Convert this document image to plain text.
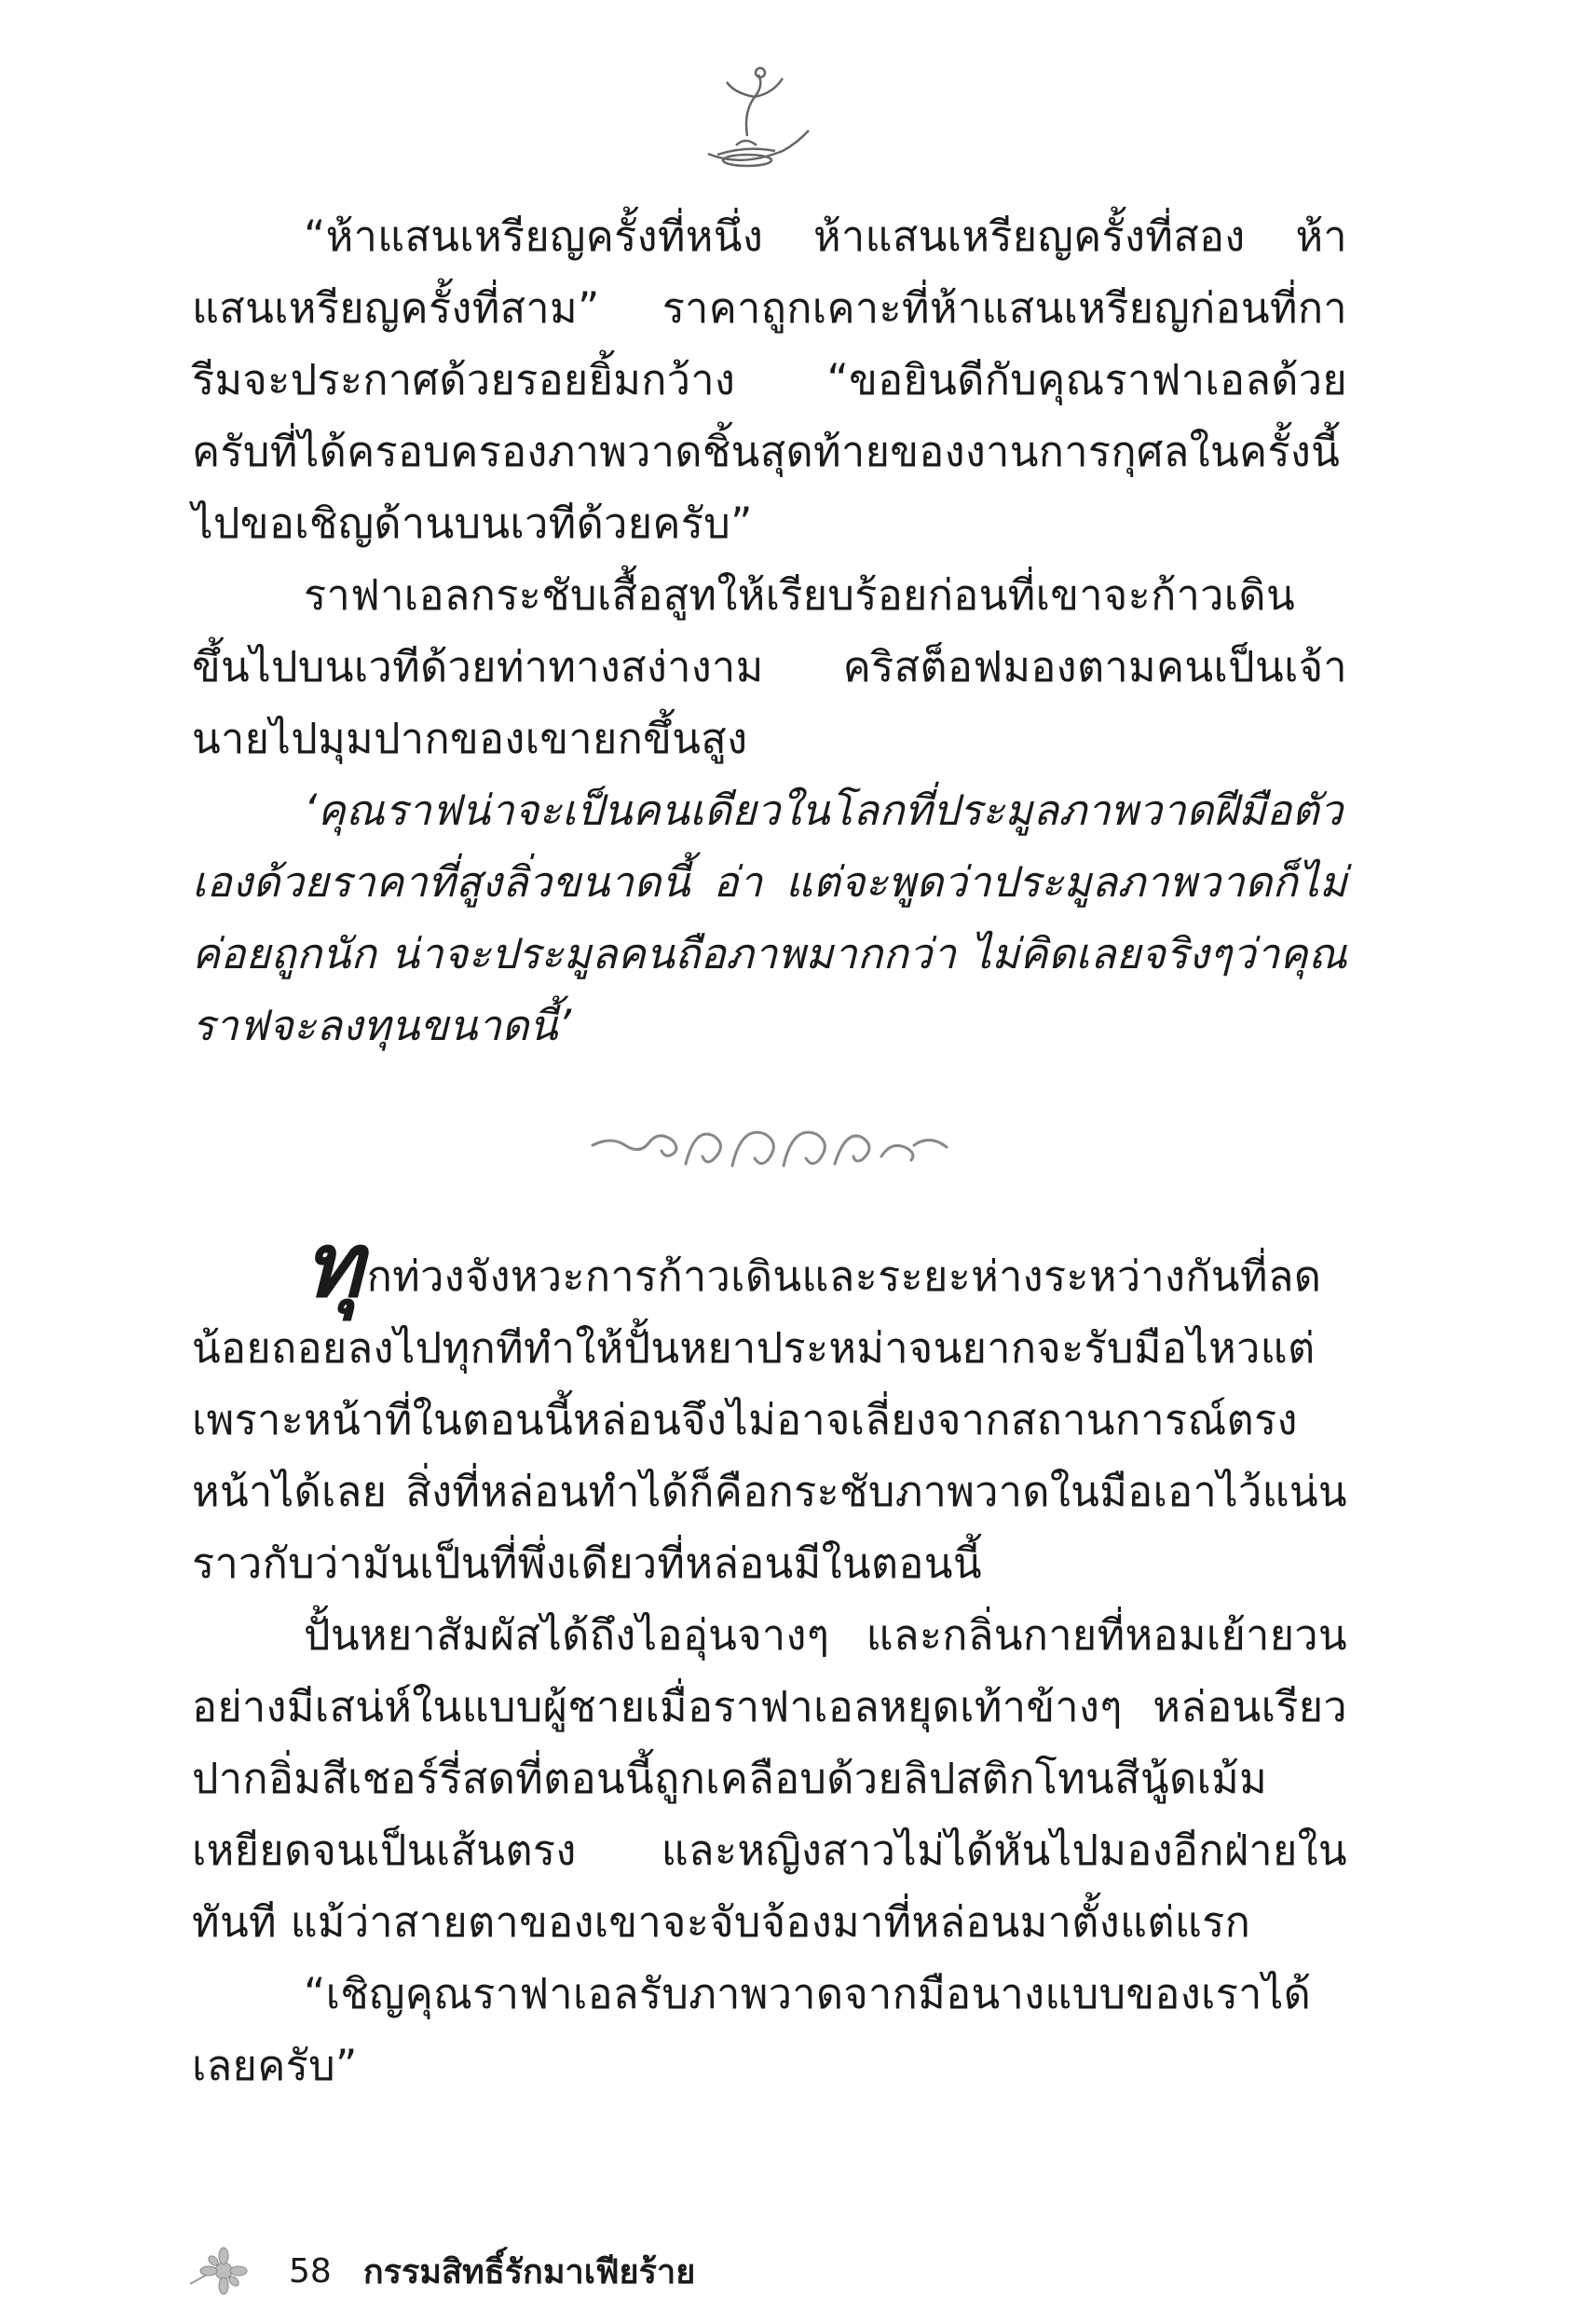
“ห้าแสนเหรียญครั้งที่หนึ่ง ห้าแสนเหรียญครั้งที่สอง ห้าแสนเหรียญครั้งที่สาม” ราคาถูกเคาะที่ห้าแสนเหรียญก่อนที่การีมจะประกาศด้วยรอยยิ้มกว้าง “ขอยินดีกับคุณราฟาเอลด้วยครับที่ได้ครอบครองภาพวาดชิ้นสุดท้ายของงานการกุศลในครั้งนี้ไปขอเชิญด้านบนเวทีด้วยครับ”

ราฟาเอลกระชับเสื้อสูทให้เรียบร้อยก่อนที่เขาจะก้าวเดินขึ้นไปบนเวทีด้วยท่าทางสง่างาม คริสต็อฟมองตามคนเป็นเจ้านายไปมุมปากของเขายกขึ้นสูง

‘คุณราฟน่าจะเป็นคนเดียวในโลกที่ประมูลภาพวาดฝีมือตัวเองด้วยราคาที่สูงลิ่วขนาดนี้ อ่า แต่จะพูดว่าประมูลภาพวาดก็ไม่ค่อยถูกนัก น่าจะประมูลคนถือภาพมากกว่า ไม่คิดเลยจริงๆว่าคุณราฟจะลงทุนขนาดนี้’

ทุกท่วงจังหวะการก้าวเดินและระยะห่างระหว่างกันที่ลดน้อยถอยลงไปทุกทีทำให้ปั้นหยาประหม่าจนยากจะรับมือไหวแต่เพราะหน้าที่ในตอนนี้หล่อนจึงไม่อาจเลี่ยงจากสถานการณ์ตรงหน้าได้เลย สิ่งที่หล่อนทำได้ก็คือกระชับภาพวาดในมือเอาไว้แน่น ราวกับว่ามันเป็นที่พึ่งเดียวที่หล่อนมีในตอนนี้

ปั้นหยาสัมผัสได้ถึงไออุ่นจางๆ และกลิ่นกายที่หอมเย้ายวนอย่างมีเสน่ห์ในแบบผู้ชายเมื่อราฟาเอลหยุดเท้าข้างๆ หล่อนเรียวปากอิ่มสีเชอร์รี่สดที่ตอนนี้ถูกเคลือบด้วยลิปสติกโทนสีนู้ดเม้มเหยียดจนเป็นเส้นตรง และหญิงสาวไม่ได้หันไปมองอีกฝ่ายในทันที แม้ว่าสายตาของเขาจะจับจ้องมาที่หล่อนมาตั้งแต่แรก

“เชิญคุณราฟาเอลรับภาพวาดจากมือนางแบบของเราได้เลยครับ”

58 กรรมสิทธิ์รักมาเฟียร้าย
